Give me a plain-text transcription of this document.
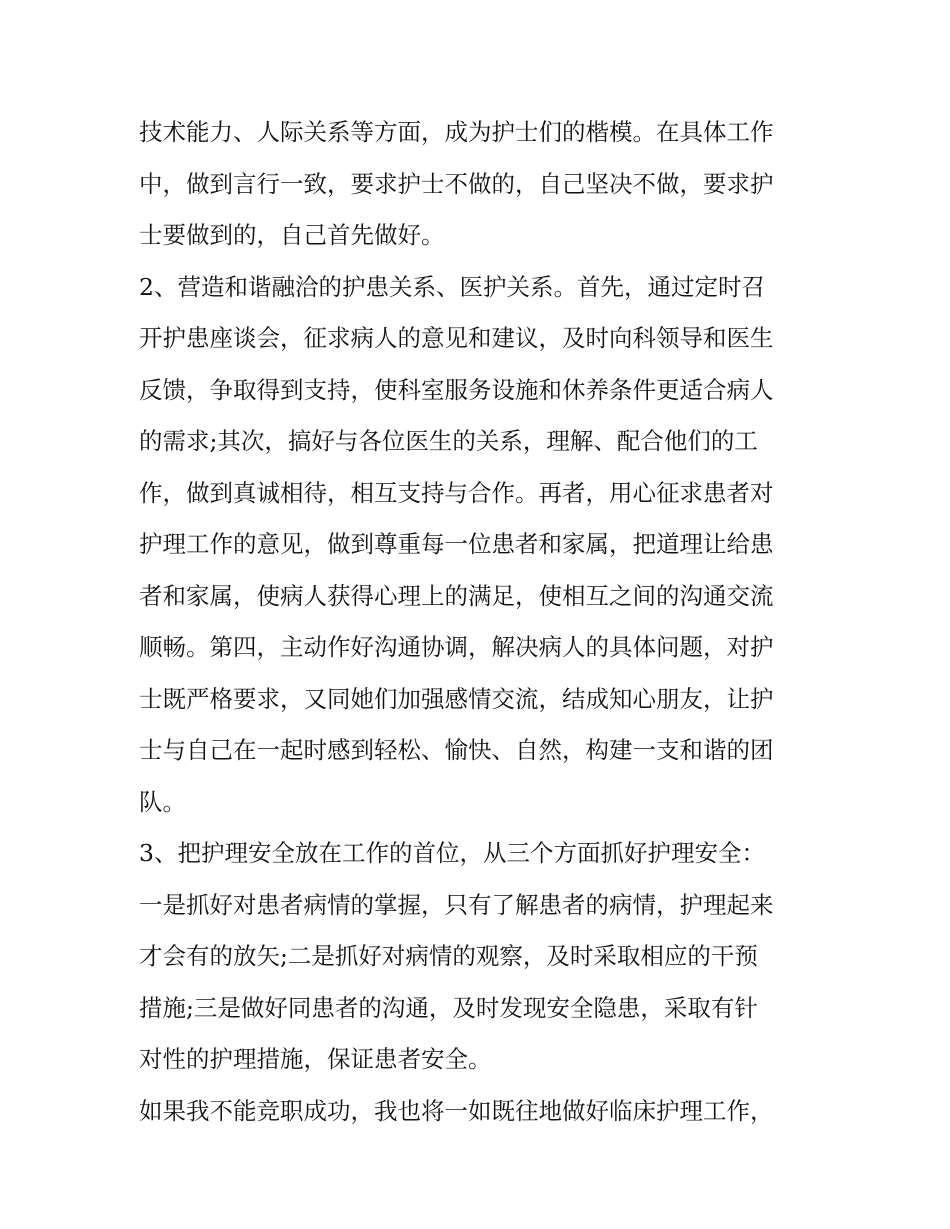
技术能力、人际关系等方面，成为护士们的楷模。在具体工作
中，做到言行一致，要求护士不做的，自己坚决不做，要求护
士要做到的，自己首先做好。
2、营造和谐融洽的护患关系、医护关系。首先，通过定时召
开护患座谈会，征求病人的意见和建议，及时向科领导和医生
反馈，争取得到支持，使科室服务设施和休养条件更适合病人
的需求;其次，搞好与各位医生的关系，理解、配合他们的工
作，做到真诚相待，相互支持与合作。再者，用心征求患者对
护理工作的意见，做到尊重每一位患者和家属，把道理让给患
者和家属，使病人获得心理上的满足，使相互之间的沟通交流
顺畅。第四，主动作好沟通协调，解决病人的具体问题，对护
士既严格要求，又同她们加强感情交流，结成知心朋友，让护
士与自己在一起时感到轻松、愉快、自然，构建一支和谐的团
队。
3、把护理安全放在工作的首位，从三个方面抓好护理安全：
一是抓好对患者病情的掌握，只有了解患者的病情，护理起来
才会有的放矢;二是抓好对病情的观察，及时采取相应的干预
措施;三是做好同患者的沟通，及时发现安全隐患，采取有针
对性的护理措施，保证患者安全。
如果我不能竞职成功，我也将一如既往地做好临床护理工作，
